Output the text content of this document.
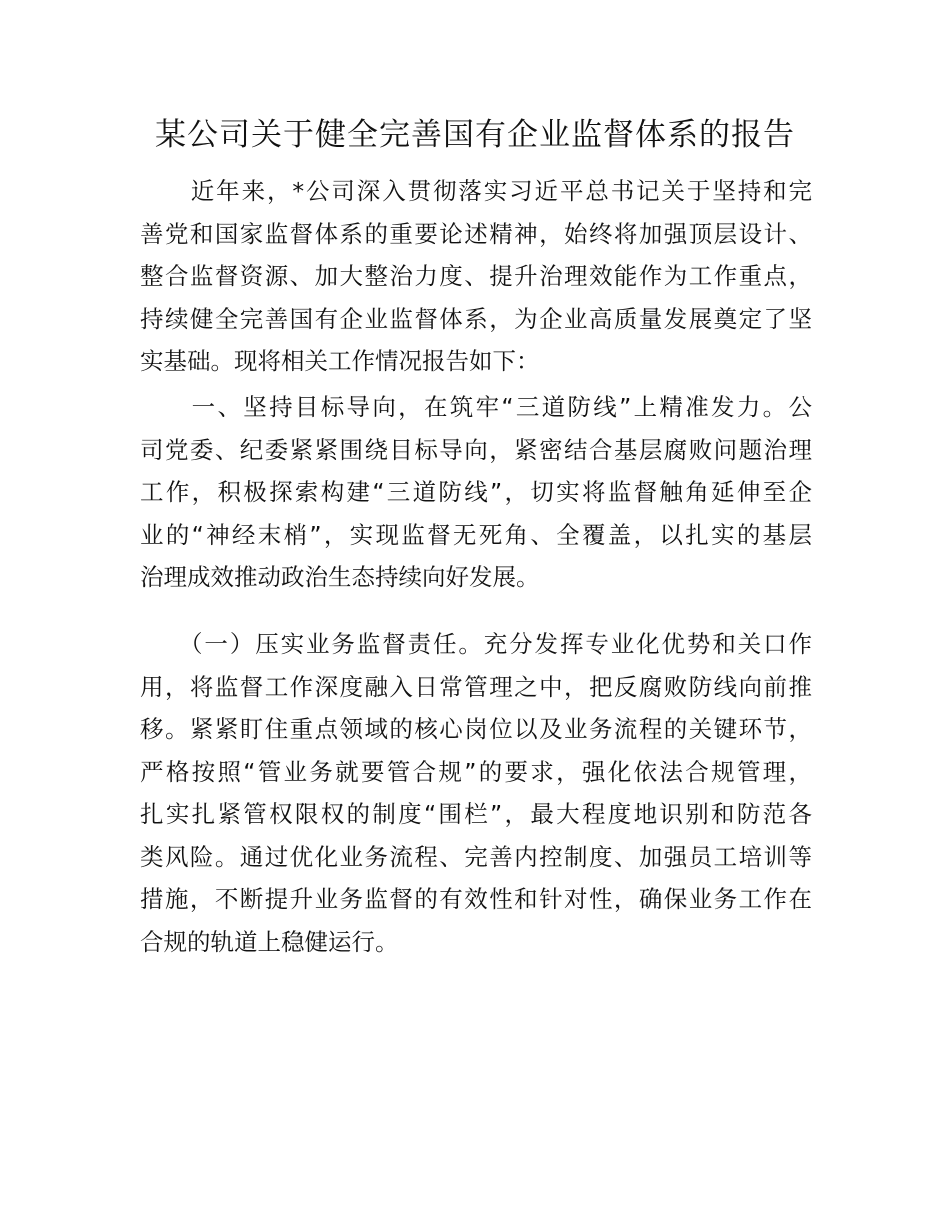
某公司关于健全完善国有企业监督体系的报告

　　近年来，*公司深入贯彻落实习近平总书记关于坚持和完
善党和国家监督体系的重要论述精神，始终将加强顶层设计、
整合监督资源、加大整治力度、提升治理效能作为工作重点，
持续健全完善国有企业监督体系，为企业高质量发展奠定了坚
实基础。现将相关工作情况报告如下：

　　一、坚持目标导向，在筑牢“三道防线”上精准发力。公
司党委、纪委紧紧围绕目标导向，紧密结合基层腐败问题治理
工作，积极探索构建“三道防线”，切实将监督触角延伸至企
业的“神经末梢”，实现监督无死角、全覆盖，以扎实的基层
治理成效推动政治生态持续向好发展。

　　（一）压实业务监督责任。充分发挥专业化优势和关口作
用，将监督工作深度融入日常管理之中，把反腐败防线向前推
移。紧紧盯住重点领域的核心岗位以及业务流程的关键环节，
严格按照“管业务就要管合规”的要求，强化依法合规管理，
扎实扎紧管权限权的制度“围栏”，最大程度地识别和防范各
类风险。通过优化业务流程、完善内控制度、加强员工培训等
措施，不断提升业务监督的有效性和针对性，确保业务工作在
合规的轨道上稳健运行。
